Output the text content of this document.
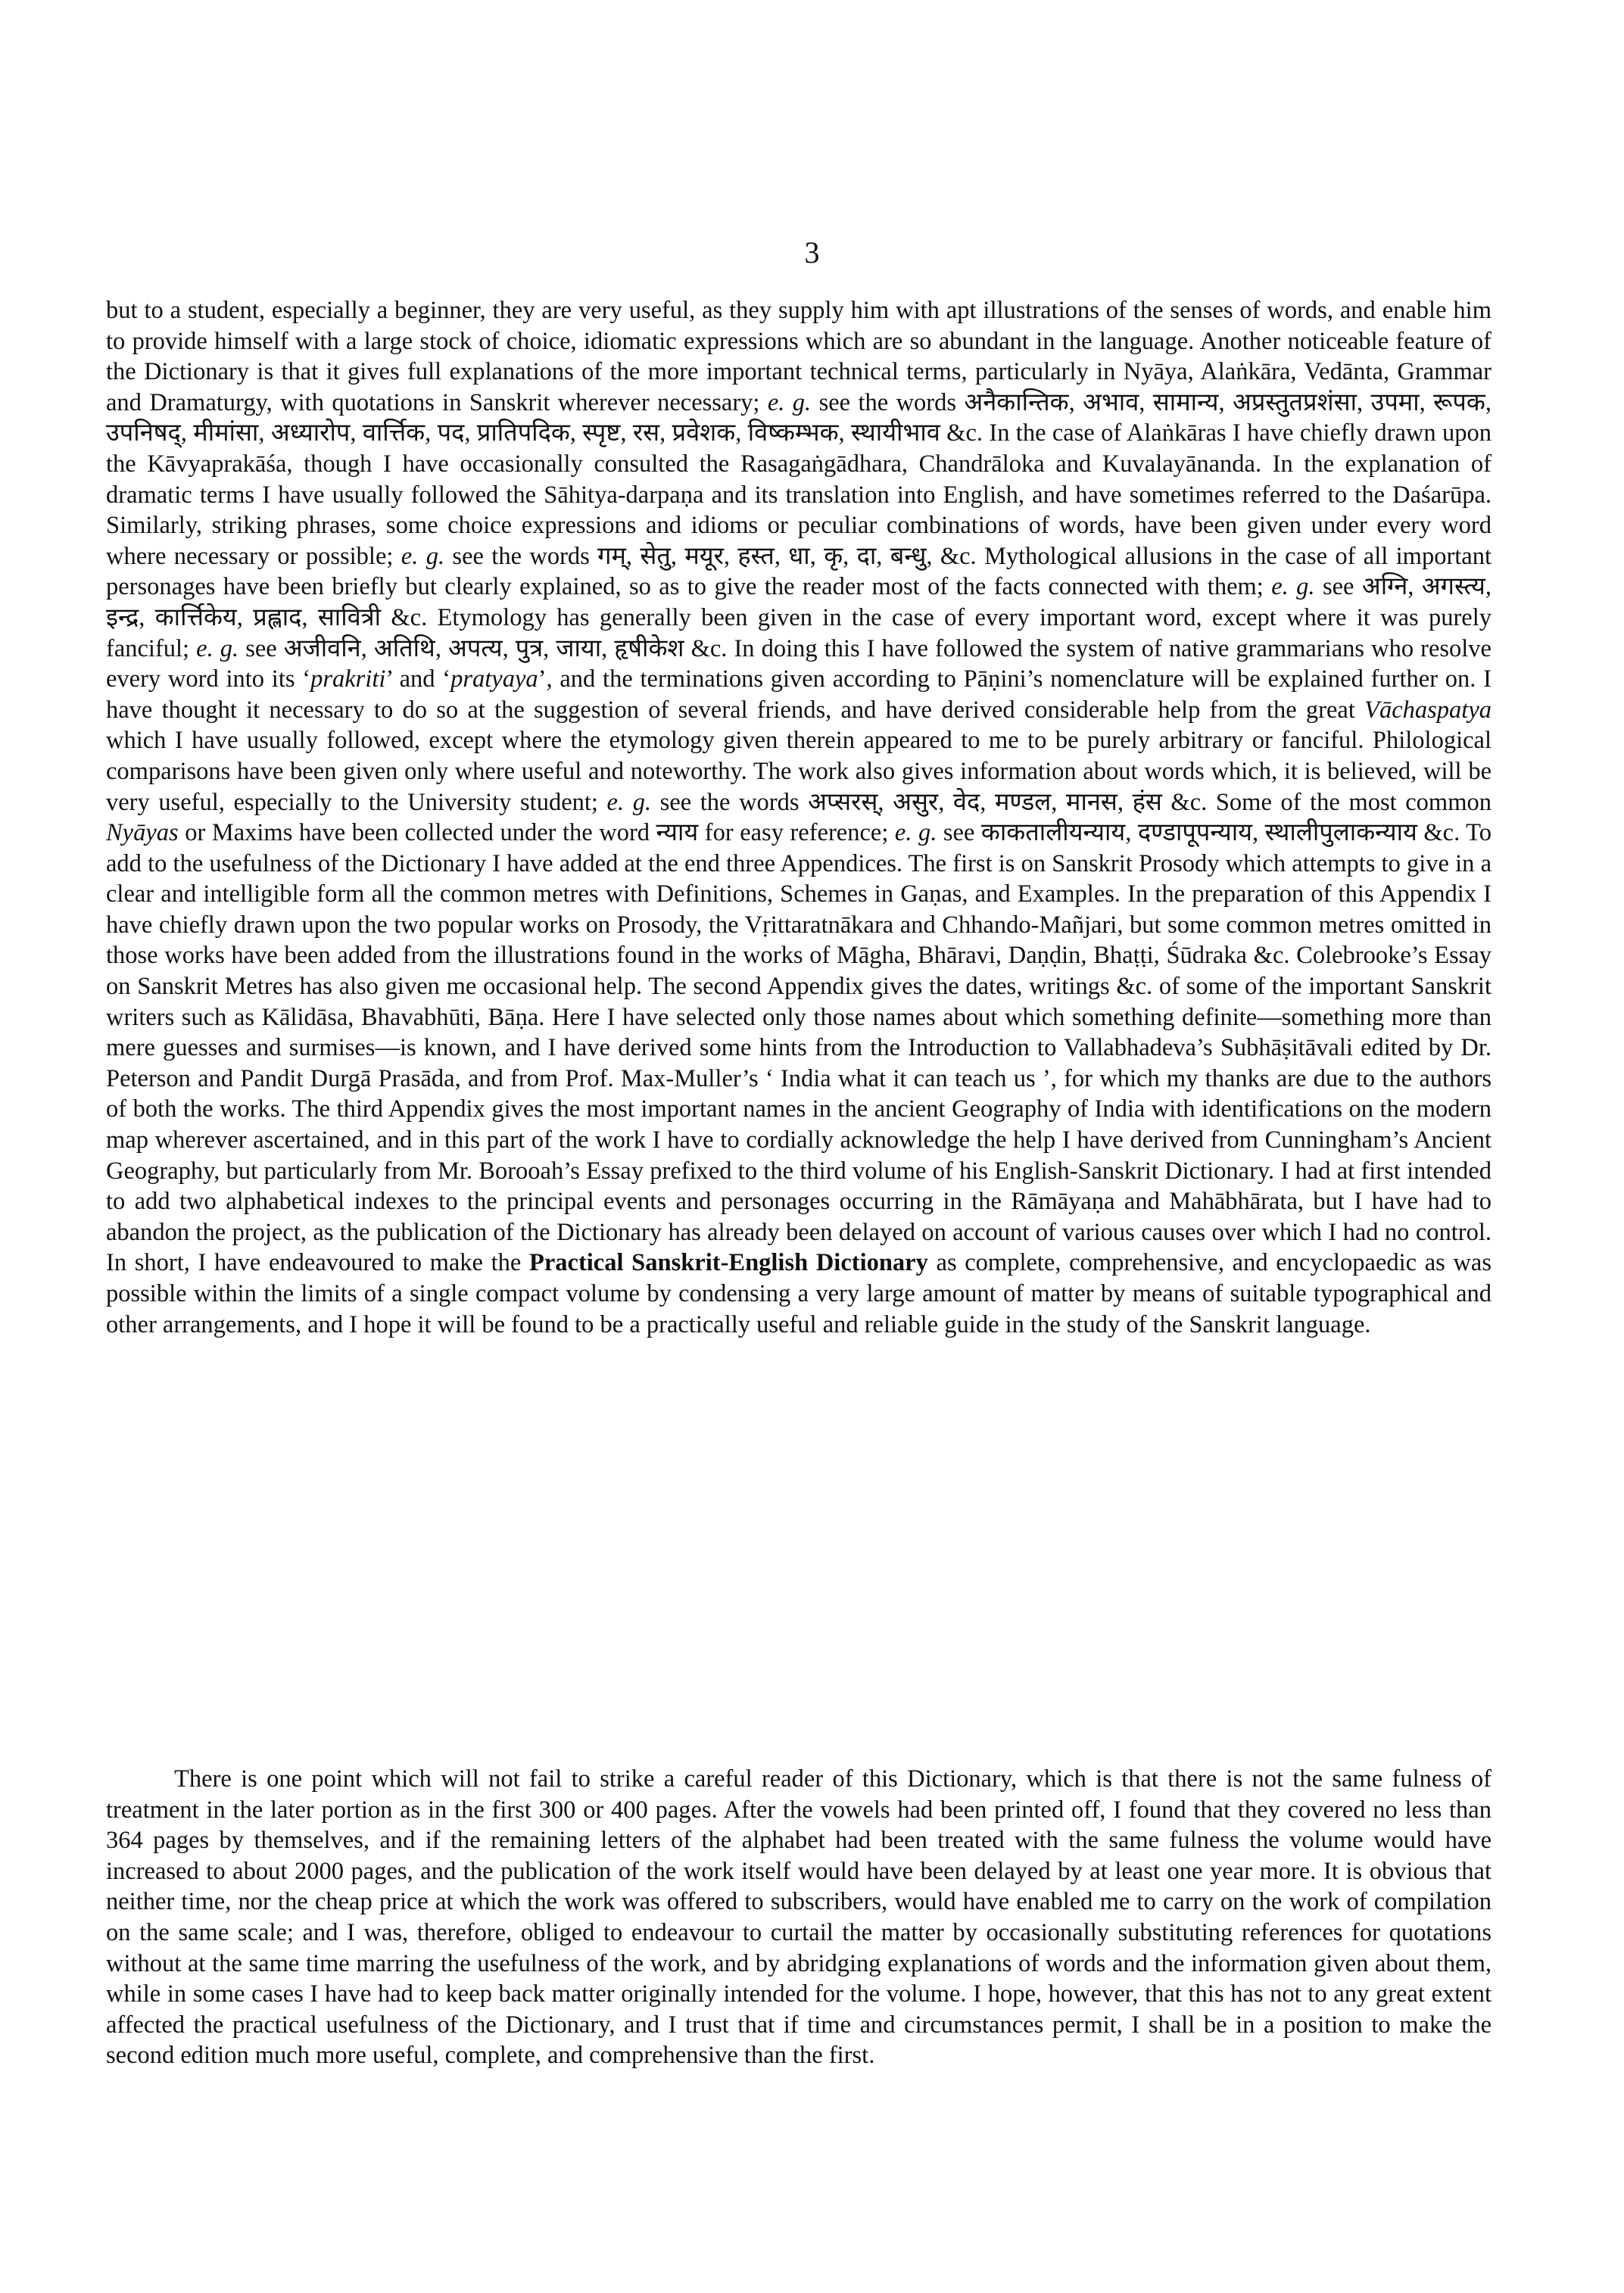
3

but to a student, especially a beginner, they are very useful, as they supply him with apt illustrations of the senses of words, and enable him to provide himself with a large stock of choice, idiomatic expressions which are so abundant in the language. Another noticeable feature of the Dictionary is that it gives full explanations of the more important technical terms, particularly in Nyāya, Alaṅkāra, Vedānta, Grammar and Dramaturgy, with quotations in Sanskrit wherever necessary; e. g. see the words अनैकान्तिक, अभाव, सामान्य, अप्रस्तुतप्रशंसा, उपमा, रूपक, उपनिषद्, मीमांसा, अध्यारोप, वार्त्तिक, पद, प्रातिपदिक, स्पृष्ट, रस, प्रवेशक, विष्कम्भक, स्थायीभाव &c. In the case of Alaṅkāras I have chiefly drawn upon the Kāvyaprakāśa, though I have occasionally consulted the Rasagaṅgādhara, Chandrāloka and Kuvalayānanda. In the explanation of dramatic terms I have usually followed the Sāhitya-darpaṇa and its translation into English, and have sometimes referred to the Daśarūpa. Similarly, striking phrases, some choice expressions and idioms or peculiar combinations of words, have been given under every word where necessary or possible; e. g. see the words गम्, सेतु, मयूर, हस्त, धा, कृ, दा, बन्धु, &c. Mythological allusions in the case of all important personages have been briefly but clearly explained, so as to give the reader most of the facts connected with them; e. g. see अग्नि, अगस्त्य, इन्द्र, कार्त्तिकेय, प्रह्लाद, सावित्री &c. Etymology has generally been given in the case of every important word, except where it was purely fanciful; e. g. see अजीवनि, अतिथि, अपत्य, पुत्र, जाया, हृषीकेश &c. In doing this I have followed the system of native grammarians who resolve every word into its ‘prakriti’ and ‘pratyaya’, and the terminations given according to Pāṇini’s nomenclature will be explained further on. I have thought it necessary to do so at the suggestion of several friends, and have derived considerable help from the great Vāchaspatya which I have usually followed, except where the etymology given therein appeared to me to be purely arbitrary or fanciful. Philological comparisons have been given only where useful and noteworthy. The work also gives information about words which, it is believed, will be very useful, especially to the University student; e. g. see the words अप्सरस्, असुर, वेद, मण्डल, मानस, हंस &c. Some of the most common Nyāyas or Maxims have been collected under the word न्याय for easy reference; e. g. see काकतालीयन्याय, दण्डापूपन्याय, स्थालीपुलाकन्याय &c. To add to the usefulness of the Dictionary I have added at the end three Appendices. The first is on Sanskrit Prosody which attempts to give in a clear and intelligible form all the common metres with Definitions, Schemes in Gaṇas, and Examples. In the preparation of this Appendix I have chiefly drawn upon the two popular works on Prosody, the Vṛittaratnākara and Chhando-Mañjari, but some common metres omitted in those works have been added from the illustrations found in the works of Māgha, Bhāravi, Daṇḍin, Bhaṭṭi, Śūdraka &c. Colebrooke’s Essay on Sanskrit Metres has also given me occasional help. The second Appendix gives the dates, writings &c. of some of the important Sanskrit writers such as Kālidāsa, Bhavabhūti, Bāṇa. Here I have selected only those names about which something definite—something more than mere guesses and surmises—is known, and I have derived some hints from the Introduction to Vallabhadeva’s Subhāṣitāvali edited by Dr. Peterson and Pandit Durgā Prasāda, and from Prof. Max-Muller’s ‘ India what it can teach us ’, for which my thanks are due to the authors of both the works. The third Appendix gives the most important names in the ancient Geography of India with identifications on the modern map wherever ascertained, and in this part of the work I have to cordially acknowledge the help I have derived from Cunningham’s Ancient Geography, but particularly from Mr. Borooah’s Essay prefixed to the third volume of his English-Sanskrit Dictionary. I had at first intended to add two alphabetical indexes to the principal events and personages occurring in the Rāmāyaṇa and Mahābhārata, but I have had to abandon the project, as the publication of the Dictionary has already been delayed on account of various causes over which I had no control. In short, I have endeavoured to make the Practical Sanskrit-English Dictionary as complete, comprehensive, and encyclopaedic as was possible within the limits of a single compact volume by condensing a very large amount of matter by means of suitable typographical and other arrangements, and I hope it will be found to be a practically useful and reliable guide in the study of the Sanskrit language.

There is one point which will not fail to strike a careful reader of this Dictionary, which is that there is not the same fulness of treatment in the later portion as in the first 300 or 400 pages. After the vowels had been printed off, I found that they covered no less than 364 pages by themselves, and if the remaining letters of the alphabet had been treated with the same fulness the volume would have increased to about 2000 pages, and the publication of the work itself would have been delayed by at least one year more. It is obvious that neither time, nor the cheap price at which the work was offered to subscribers, would have enabled me to carry on the work of compilation on the same scale; and I was, therefore, obliged to endeavour to curtail the matter by occasionally substituting references for quotations without at the same time marring the usefulness of the work, and by abridging explanations of words and the information given about them, while in some cases I have had to keep back matter originally intended for the volume. I hope, however, that this has not to any great extent affected the practical usefulness of the Dictionary, and I trust that if time and circumstances permit, I shall be in a position to make the second edition much more useful, complete, and comprehensive than the first.
